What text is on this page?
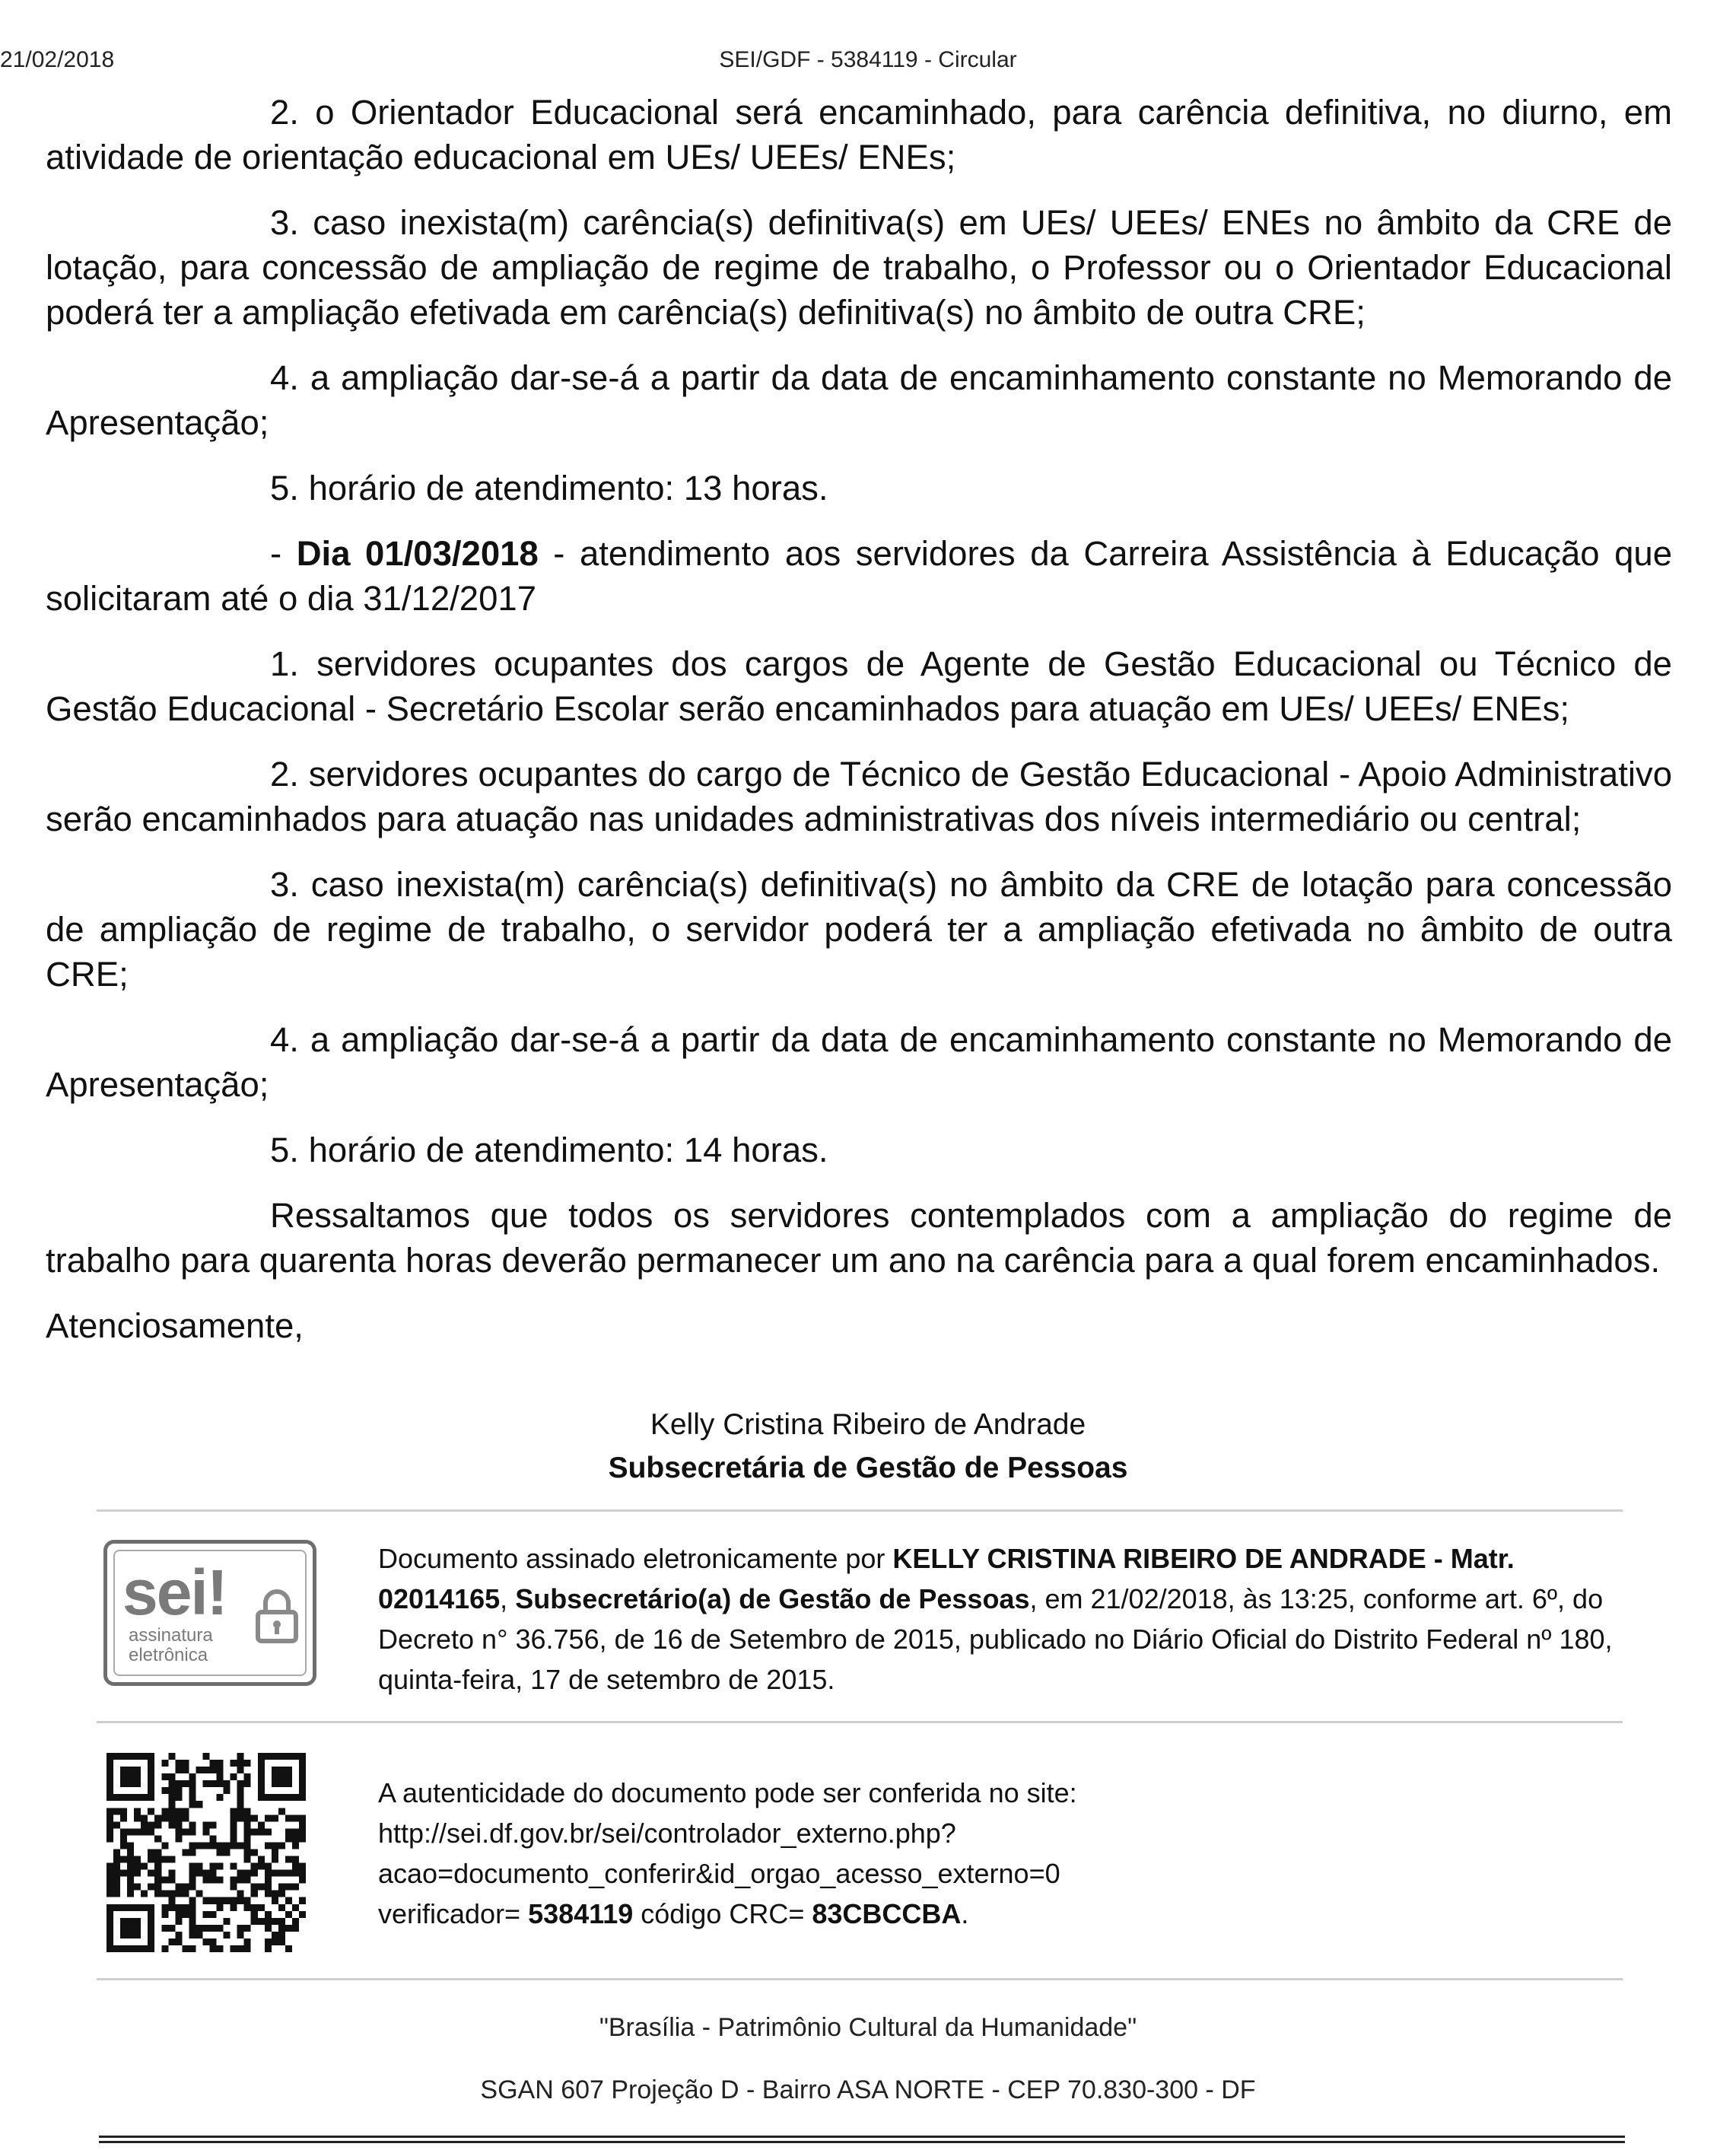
21/02/2018	SEI/GDF - 5384119 - Circular

2. o Orientador Educacional será encaminhado, para carência definitiva, no diurno, em atividade de orientação educacional em UEs/ UEEs/ ENEs;

3. caso inexista(m) carência(s) definitiva(s) em UEs/ UEEs/ ENEs no âmbito da CRE de lotação, para concessão de ampliação de regime de trabalho, o Professor ou o Orientador Educacional poderá ter a ampliação efetivada em carência(s) definitiva(s) no âmbito de outra CRE;

4. a ampliação dar-se-á a partir da data de encaminhamento constante no Memorando de Apresentação;

5. horário de atendimento: 13 horas.

- Dia 01/03/2018 - atendimento aos servidores da Carreira Assistência à Educação que solicitaram até o dia 31/12/2017

1. servidores ocupantes dos cargos de Agente de Gestão Educacional ou Técnico de Gestão Educacional - Secretário Escolar serão encaminhados para atuação em UEs/ UEEs/ ENEs;

2. servidores ocupantes do cargo de Técnico de Gestão Educacional - Apoio Administrativo serão encaminhados para atuação nas unidades administrativas dos níveis intermediário ou central;

3. caso inexista(m) carência(s) definitiva(s) no âmbito da CRE de lotação para concessão de ampliação de regime de trabalho, o servidor poderá ter a ampliação efetivada no âmbito de outra CRE;

4. a ampliação dar-se-á a partir da data de encaminhamento constante no Memorando de Apresentação;

5. horário de atendimento: 14 horas.

Ressaltamos que todos os servidores contemplados com a ampliação do regime de trabalho para quarenta horas deverão permanecer um ano na carência para a qual forem encaminhados.

Atenciosamente,

Kelly Cristina Ribeiro de Andrade
Subsecretária de Gestão de Pessoas
sei!
assinatura
eletrônica
Documento assinado eletronicamente por KELLY CRISTINA RIBEIRO DE ANDRADE - Matr. 02014165, Subsecretário(a) de Gestão de Pessoas, em 21/02/2018, às 13:25, conforme art. 6º, do Decreto n° 36.756, de 16 de Setembro de 2015, publicado no Diário Oficial do Distrito Federal nº 180, quinta-feira, 17 de setembro de 2015.
A autenticidade do documento pode ser conferida no site:
http://sei.df.gov.br/sei/controlador_externo.php?
acao=documento_conferir&id_orgao_acesso_externo=0
verificador= 5384119 código CRC= 83CBCCBA.
"Brasília - Patrimônio Cultural da Humanidade"
SGAN 607 Projeção D - Bairro ASA NORTE - CEP 70.830-300 - DF
